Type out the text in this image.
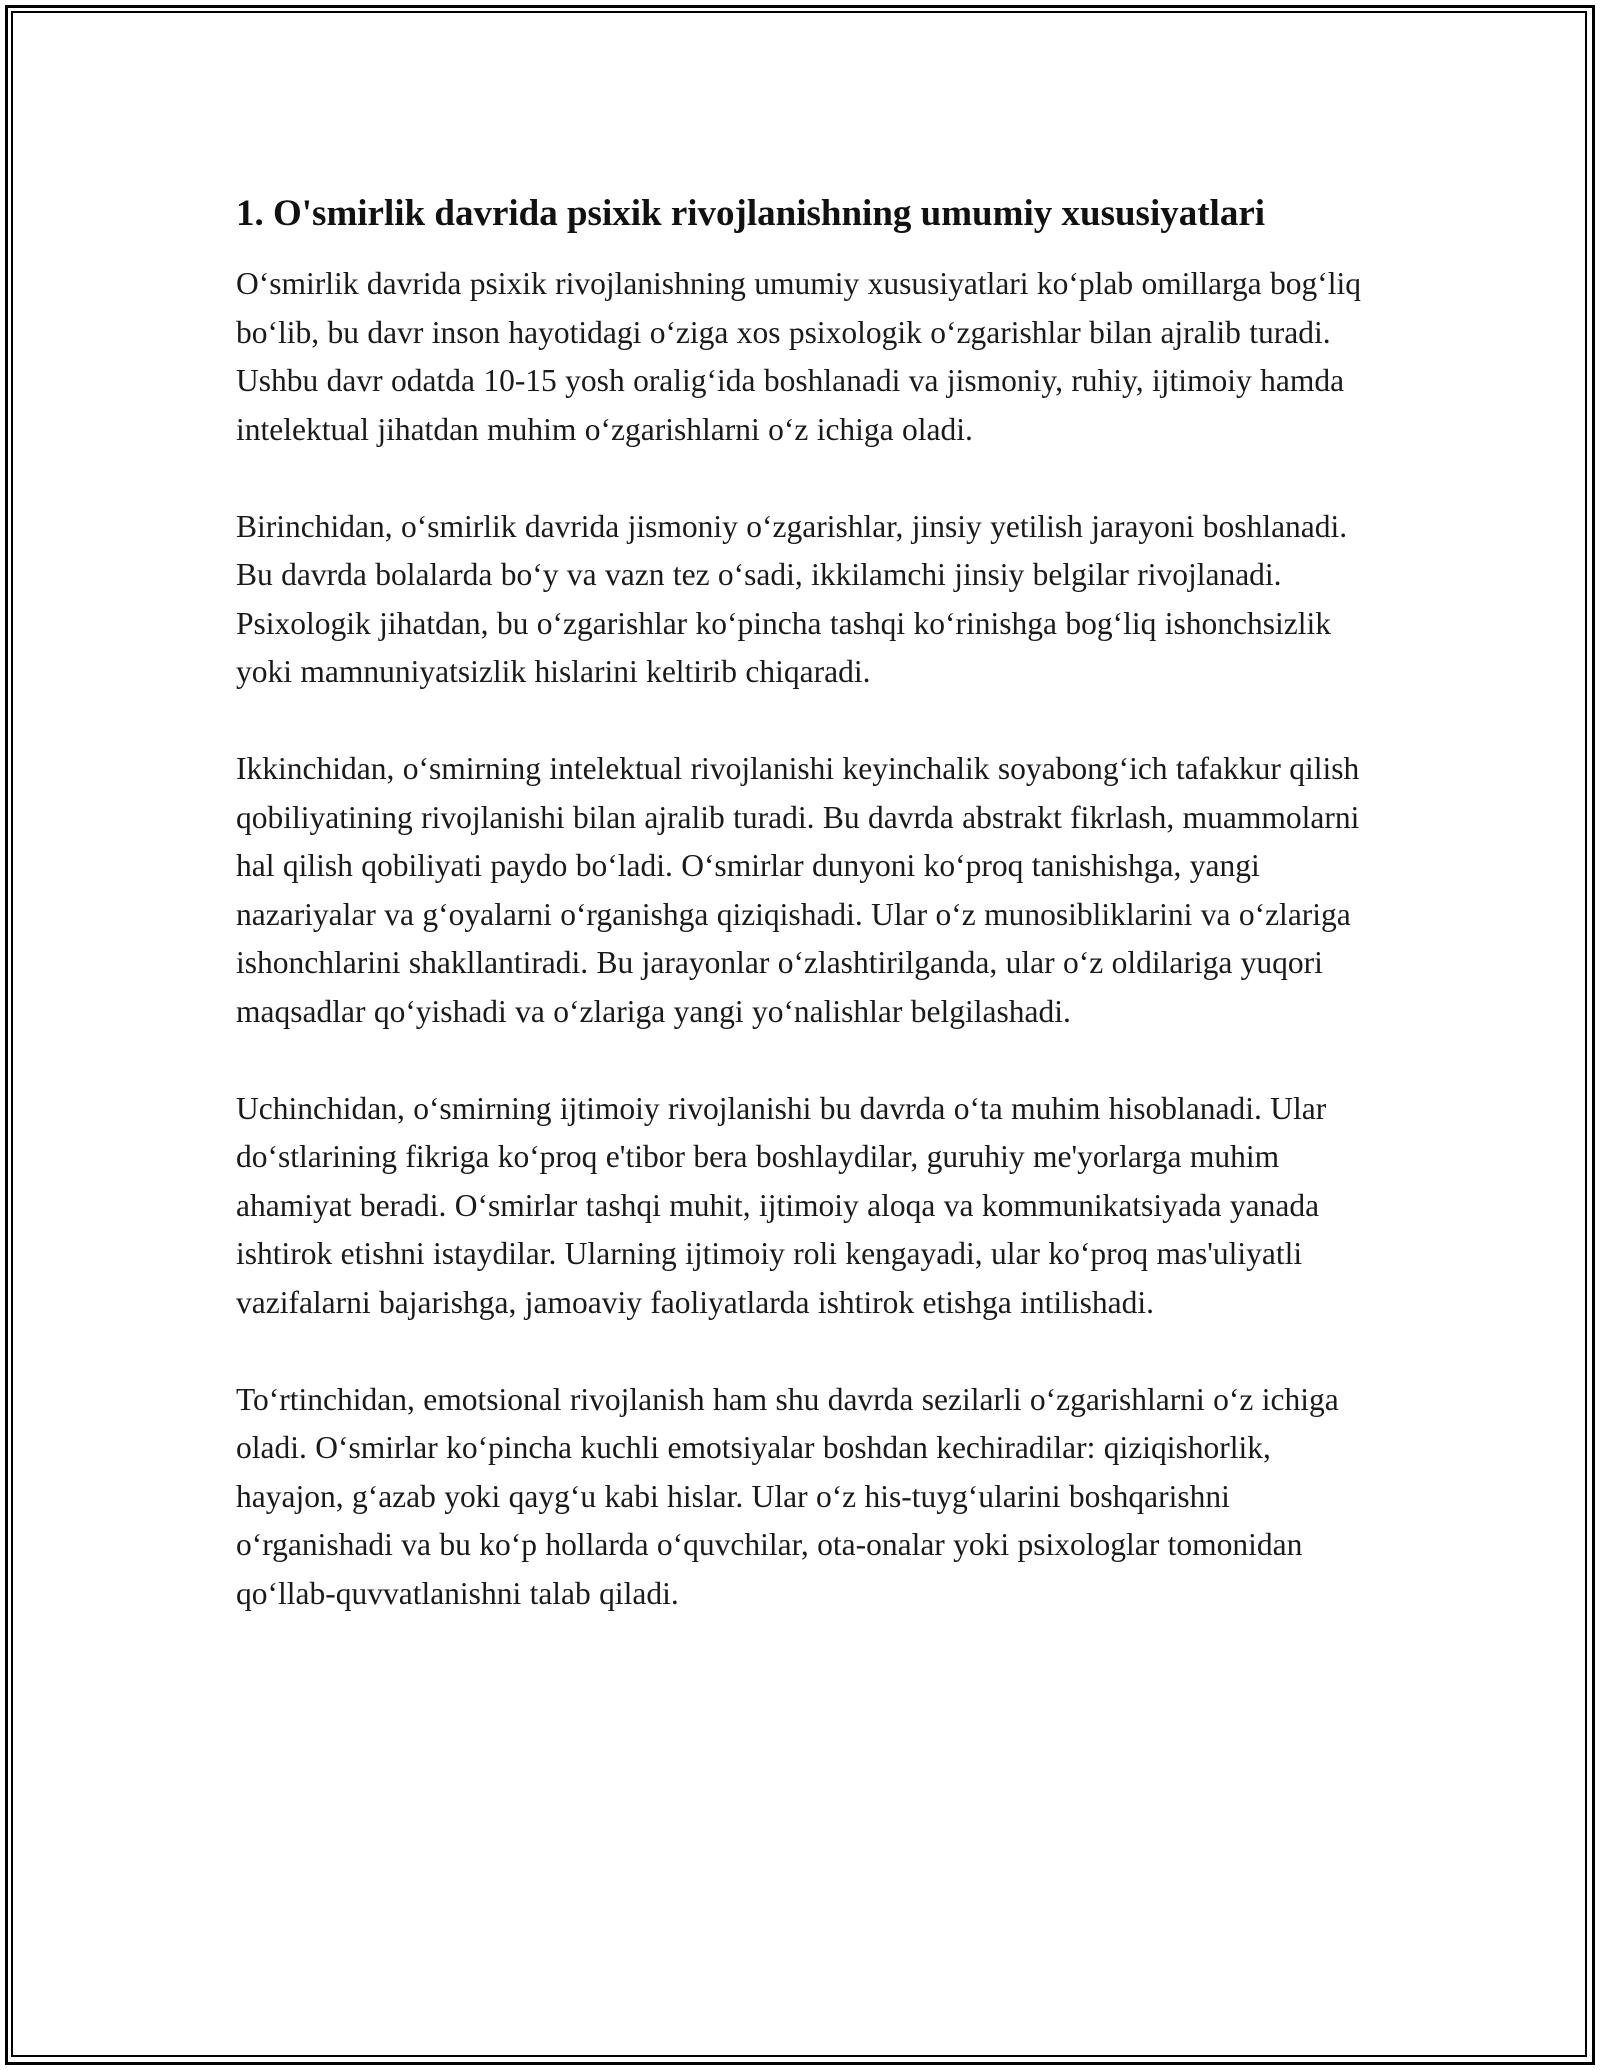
1. O'smirlik davrida psixik rivojlanishning umumiy xususiyatlari

O‘smirlik davrida psixik rivojlanishning umumiy xususiyatlari ko‘plab omillarga bog‘liq bo‘lib, bu davr inson hayotidagi o‘ziga xos psixologik o‘zgarishlar bilan ajralib turadi. Ushbu davr odatda 10-15 yosh oralig‘ida boshlanadi va jismoniy, ruhiy, ijtimoiy hamda intelektual jihatdan muhim o‘zgarishlarni o‘z ichiga oladi.

Birinchidan, o‘smirlik davrida jismoniy o‘zgarishlar, jinsiy yetilish jarayoni boshlanadi. Bu davrda bolalarda bo‘y va vazn tez o‘sadi, ikkilamchi jinsiy belgilar rivojlanadi. Psixologik jihatdan, bu o‘zgarishlar ko‘pincha tashqi ko‘rinishga bog‘liq ishonchsizlik yoki mamnuniyatsizlik hislarini keltirib chiqaradi.

Ikkinchidan, o‘smirning intelektual rivojlanishi keyinchalik soyabong‘ich tafakkur qilish qobiliyatining rivojlanishi bilan ajralib turadi. Bu davrda abstrakt fikrlash, muammolarni hal qilish qobiliyati paydo bo‘ladi. O‘smirlar dunyoni ko‘proq tanishishga, yangi nazariyalar va g‘oyalarni o‘rganishga qiziqishadi. Ular o‘z munosibliklarini va o‘zlariga ishonchlarini shakllantiradi. Bu jarayonlar o‘zlashtirilganda, ular o‘z oldilariga yuqori maqsadlar qo‘yishadi va o‘zlariga yangi yo‘nalishlar belgilashadi.

Uchinchidan, o‘smirning ijtimoiy rivojlanishi bu davrda o‘ta muhim hisoblanadi. Ular do‘stlarining fikriga ko‘proq e'tibor bera boshlaydilar, guruhiy me'yorlarga muhim ahamiyat beradi. O‘smirlar tashqi muhit, ijtimoiy aloqa va kommunikatsiyada yanada ishtirok etishni istaydilar. Ularning ijtimoiy roli kengayadi, ular ko‘proq mas'uliyatli vazifalarni bajarishga, jamoaviy faoliyatlarda ishtirok etishga intilishadi.

To‘rtinchidan, emotsional rivojlanish ham shu davrda sezilarli o‘zgarishlarni o‘z ichiga oladi. O‘smirlar ko‘pincha kuchli emotsiyalar boshdan kechiradilar: qiziqishorlik, hayajon, g‘azab yoki qayg‘u kabi hislar. Ular o‘z his-tuyg‘ularini boshqarishni o‘rganishadi va bu ko‘p hollarda o‘quvchilar, ota-onalar yoki psixologlar tomonidan qo‘llab-quvvatlanishni talab qiladi.
